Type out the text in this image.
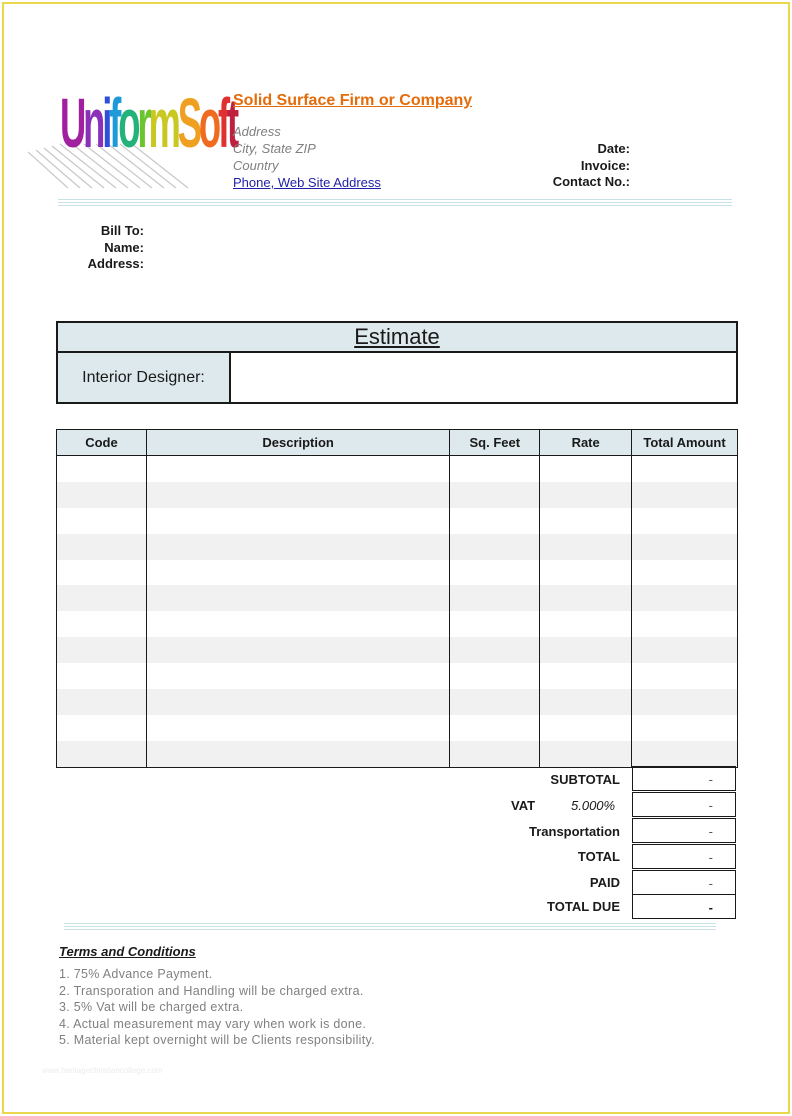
UniformSoft
Solid Surface Firm or Company
Address
City, State ZIP
Country
Phone, Web Site Address
Date:
Invoice:
Contact No.:
Bill To:
Name:
Address:
Estimate
Interior Designer:
Code	Description	Sq. Feet	Rate	Total Amount

SUBTOTAL	-
VAT	5.000%	-
Transportation	-
TOTAL	-
PAID	-
TOTAL DUE	-
Terms and Conditions
1. 75% Advance Payment.
2. Transporation and Handling will be charged extra.
3. 5% Vat will be charged extra.
4. Actual measurement may vary when work is done.
5. Material kept overnight will be Clients responsibility.
www.heritagechristiancollege.com
